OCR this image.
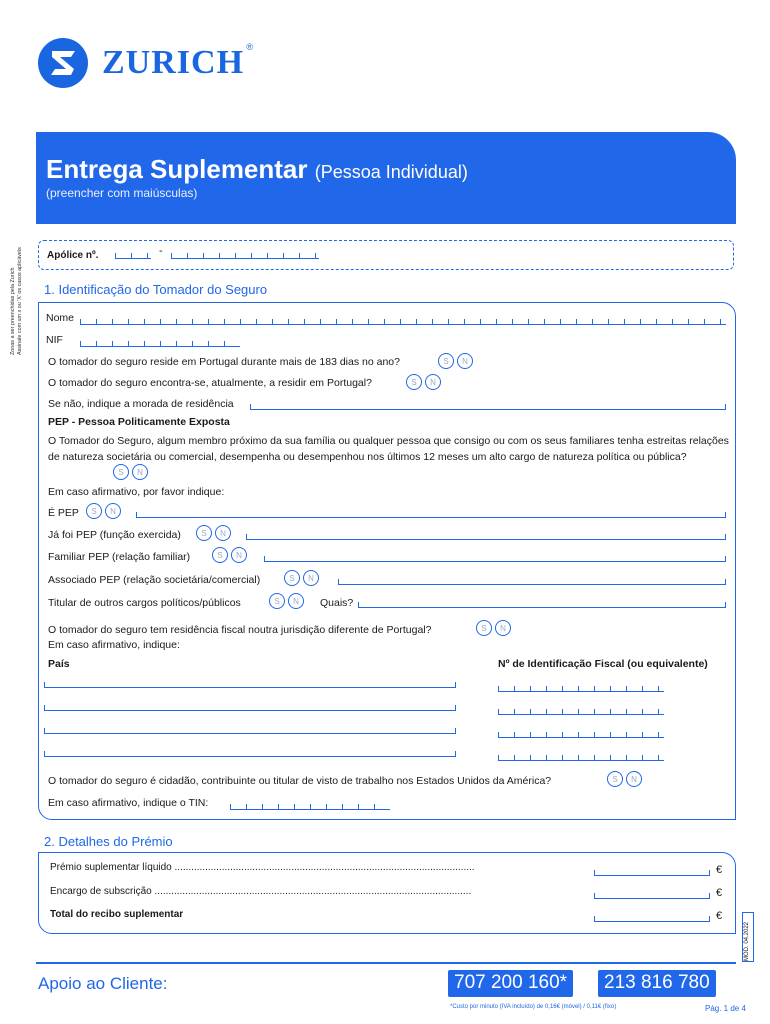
ZURICH ®
Entrega Suplementar (Pessoa Individual)
(preencher com maiúsculas)
Zonas a ser preenchidas pela Zurich
Assinale com um x ou 'X' os casos aplicáveis Apólice nº.	-
1. Identificação do Tomador do Seguro
Nome
NIF
O tomador do seguro reside em Portugal durante mais de 183 dias no ano?	S	N
O tomador do seguro encontra-se, atualmente, a residir em Portugal?	S	N
Se não, indique a morada de residência
PEP - Pessoa Politicamente Exposta
O Tomador do Seguro, algum membro próximo da sua família ou qualquer pessoa que consigo ou com os seus familiares tenha estreitas relações de natureza societária ou comercial, desempenha ou desempenhou nos últimos 12 meses um alto cargo de natureza política ou pública?
S	N
Em caso afirmativo, por favor indique:
É PEP	S	N
Já foi PEP (função exercida)	S	N
Familiar PEP (relação familiar)	S	N
Associado PEP (relação societária/comercial)	S	N
Titular de outros cargos políticos/públicos	S	N	Quais?
O tomador do seguro tem residência fiscal noutra jurisdição diferente de Portugal?	S	N
Em caso afirmativo, indique:
País	Nº de Identificação Fiscal (ou equivalente)
O tomador do seguro é cidadão, contribuinte ou titular de visto de trabalho nos Estados Unidos da América?	S	N
Em caso afirmativo, indique o TIN:
2. Detalhes do Prémio
Prémio suplementar líquido ............................................................................................................	€
Encargo de subscrição ..................................................................................................................	€
Total do recibo suplementar	€
MOD. 04.2022
Apoio ao Cliente:	707 200 160*	213 816 780
*Custo por minuto (IVA incluído) de 0,16€ (móvel) / 0,11€ (fixo)	Pág. 1 de 4
